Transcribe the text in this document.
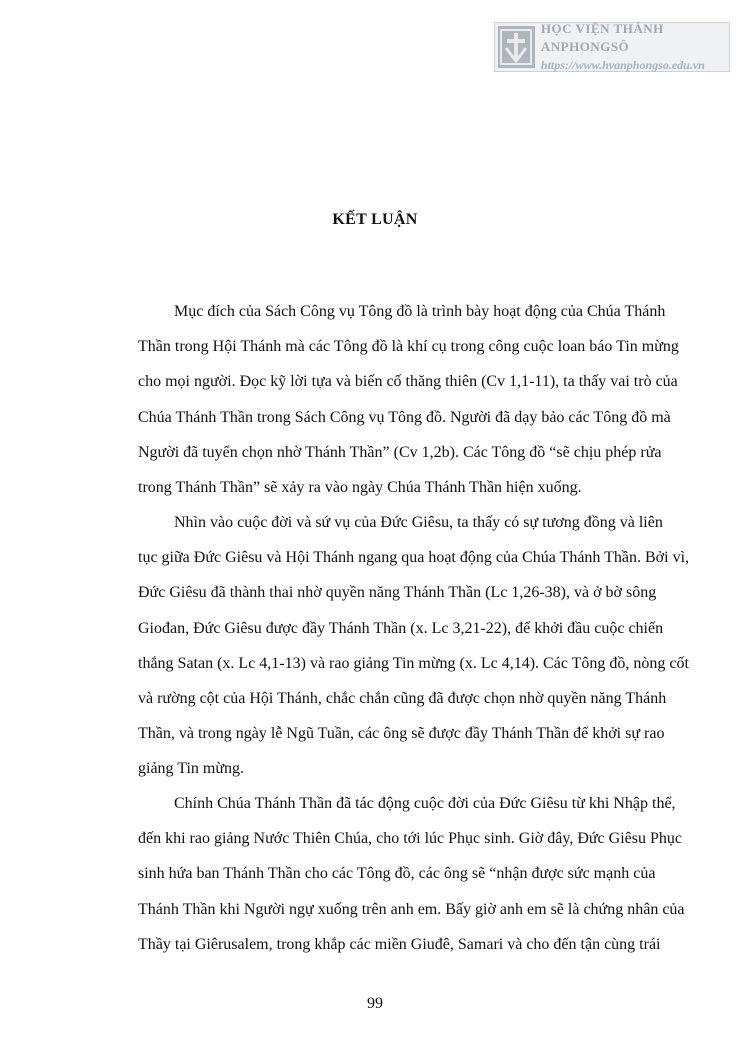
HỌC VIỆN THÁNH ANPHONGSÔ
https://www.hvanphongso.edu.vn
KẾT LUẬN
Mục đích của Sách Công vụ Tông đồ là trình bày hoạt động của Chúa Thánh
Thần trong Hội Thánh mà các Tông đồ là khí cụ trong công cuộc loan báo Tin mừng
cho mọi người. Đọc kỹ lời tựa và biến cố thăng thiên (Cv 1,1-11), ta thấy vai trò của
Chúa Thánh Thần trong Sách Công vụ Tông đồ. Người đã dạy bảo các Tông đồ mà
Người đã tuyển chọn nhờ Thánh Thần” (Cv 1,2b). Các Tông đồ “sẽ chịu phép rửa
trong Thánh Thần” sẽ xảy ra vào ngày Chúa Thánh Thần hiện xuống.
Nhìn vào cuộc đời và sứ vụ của Đức Giêsu, ta thấy có sự tương đồng và liên
tục giữa Đức Giêsu và Hội Thánh ngang qua hoạt động của Chúa Thánh Thần. Bởi vì,
Đức Giêsu đã thành thai nhờ quyền năng Thánh Thần (Lc 1,26-38), và ở bờ sông
Giođan, Đức Giêsu được đầy Thánh Thần (x. Lc 3,21-22), để khởi đầu cuộc chiến
thắng Satan (x. Lc 4,1-13) và rao giảng Tin mừng (x. Lc 4,14). Các Tông đồ, nòng cốt
và rường cột của Hội Thánh, chắc chắn cũng đã được chọn nhờ quyền năng Thánh
Thần, và trong ngày lễ Ngũ Tuần, các ông sẽ được đầy Thánh Thần để khởi sự rao
giảng Tin mừng.
Chính Chúa Thánh Thần đã tác động cuộc đời của Đức Giêsu từ khi Nhập thể,
đến khi rao giảng Nước Thiên Chúa, cho tới lúc Phục sinh. Giờ đây, Đức Giêsu Phục
sinh hứa ban Thánh Thần cho các Tông đồ, các ông sẽ “nhận được sức mạnh của
Thánh Thần khi Người ngự xuống trên anh em. Bấy giờ anh em sẽ là chứng nhân của
Thầy tại Giêrusalem, trong khắp các miền Giuđê, Samari và cho đến tận cùng trái
99
